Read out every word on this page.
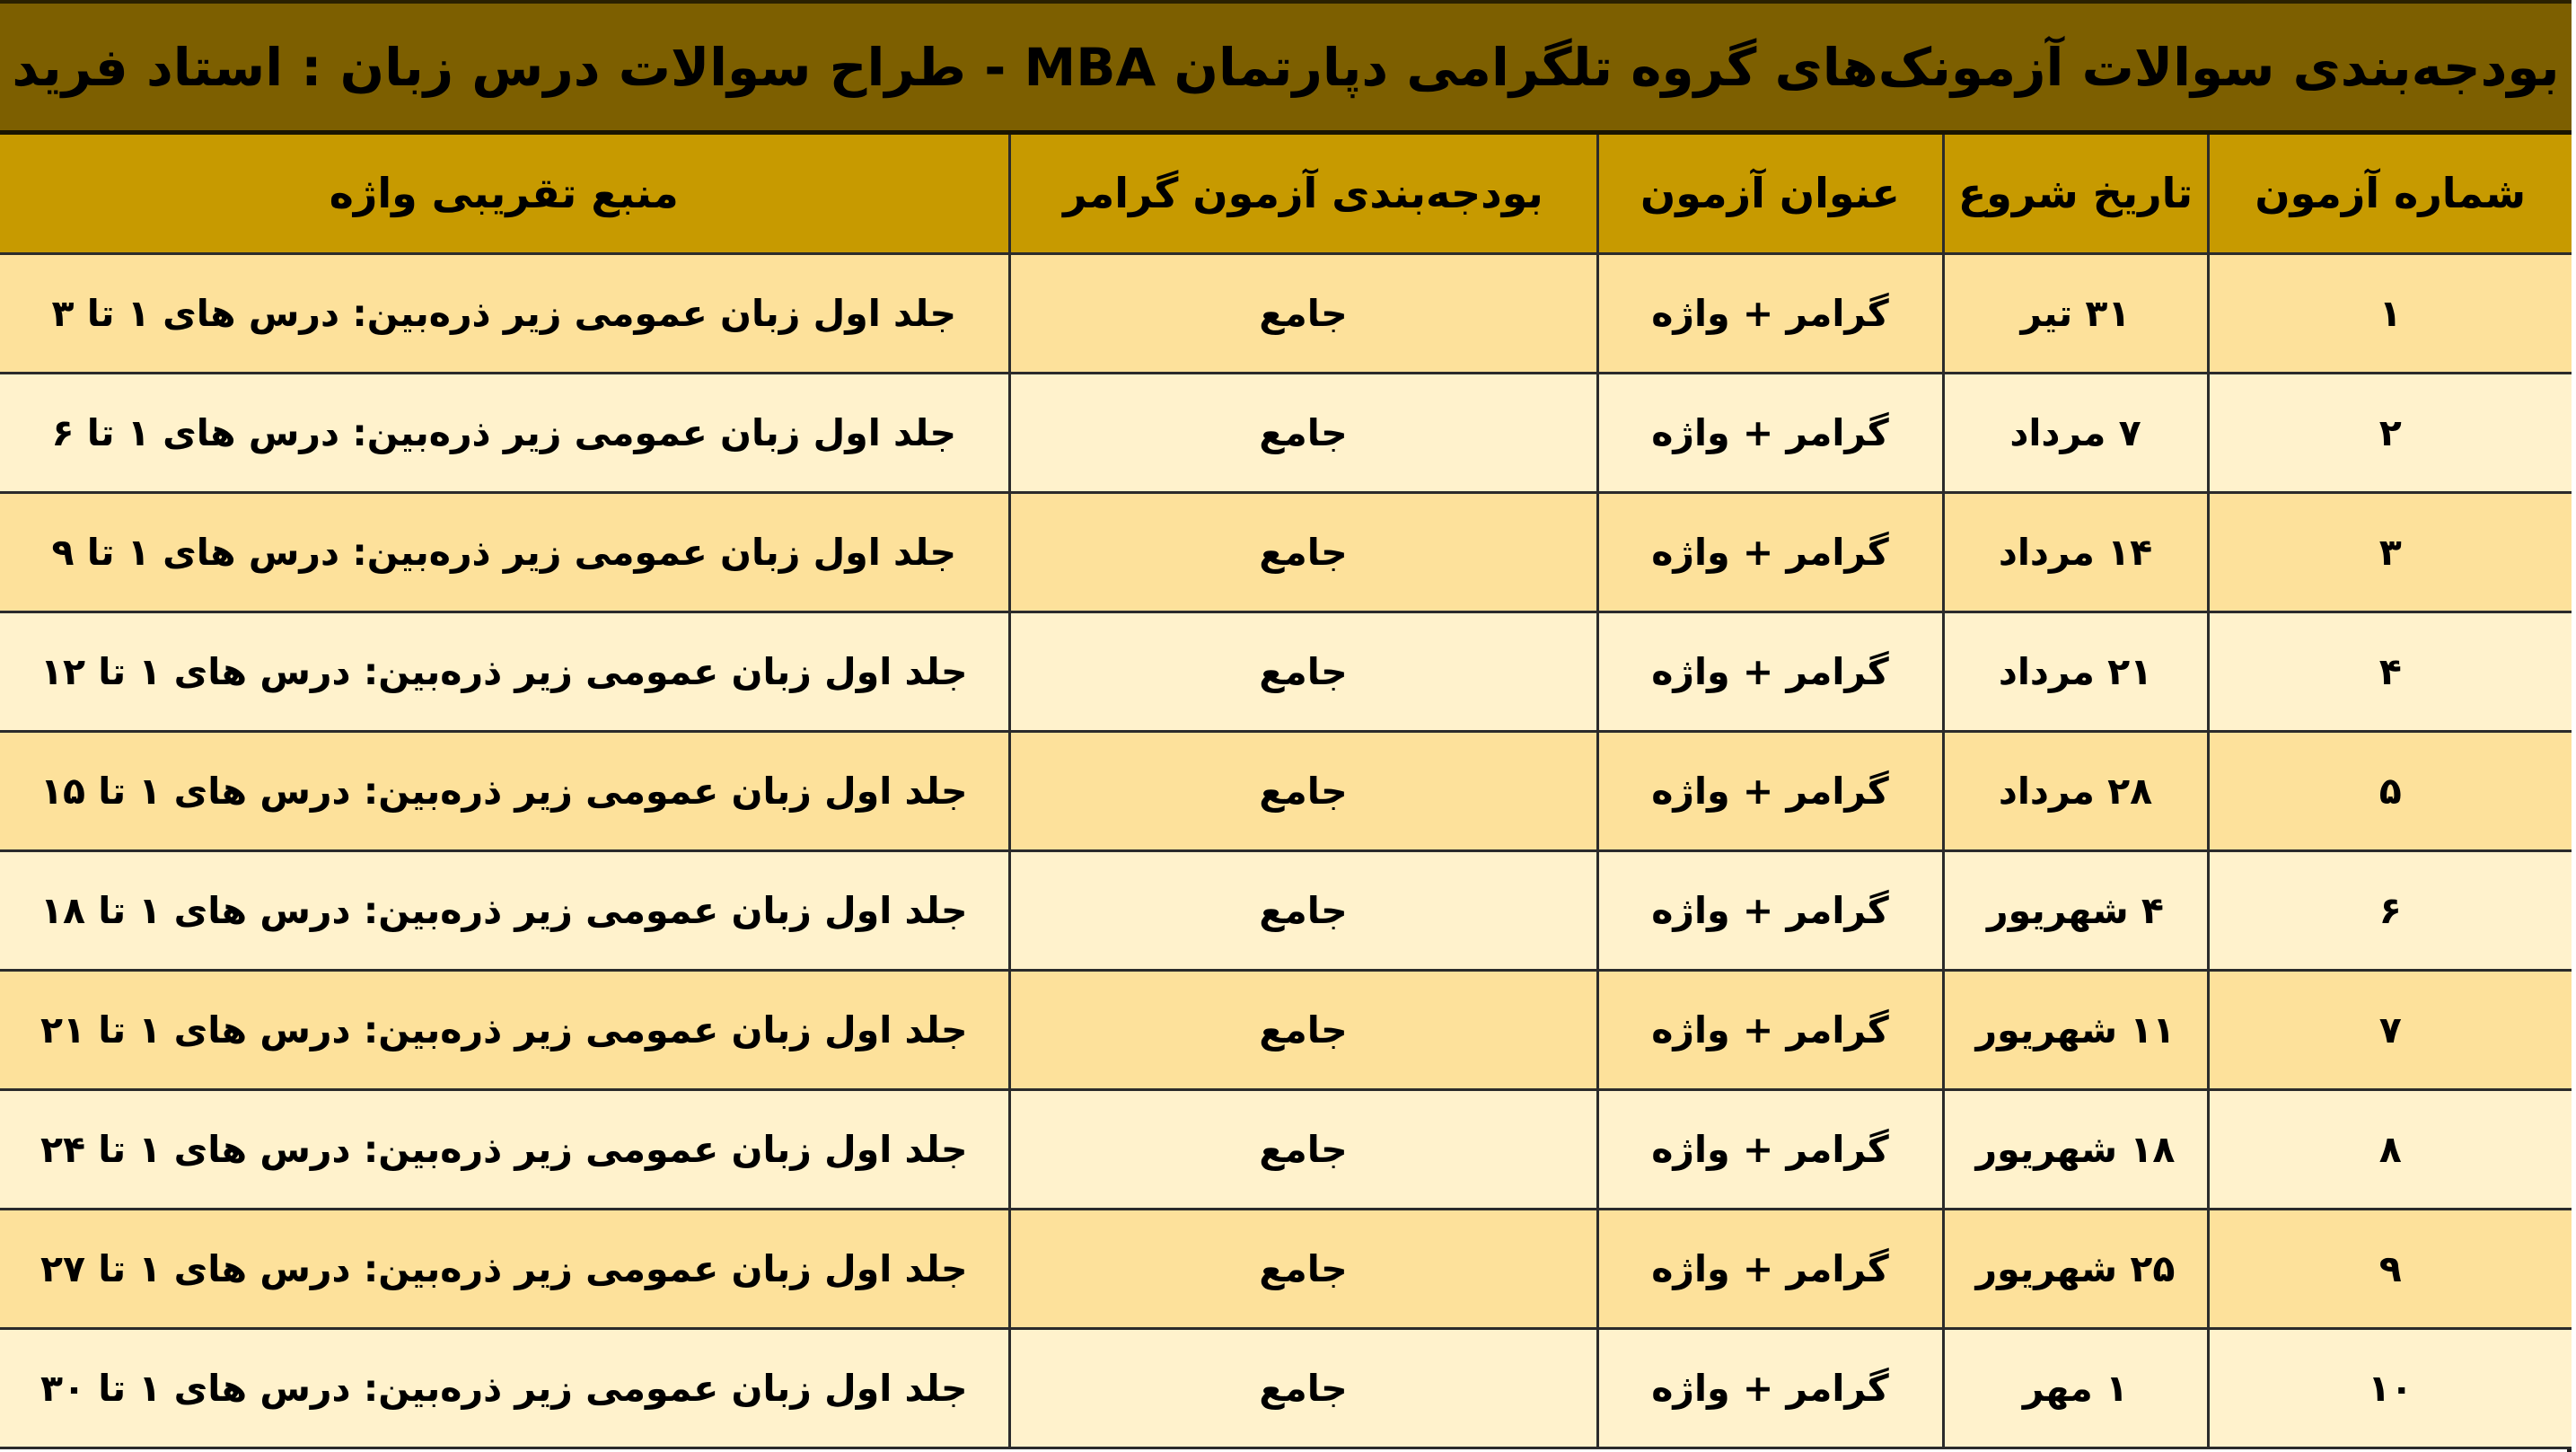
بودجه‌بندی سوالات آزمونک‌های گروه تلگرامی دپارتمان MBA - طراح سوالات درس زبان : استاد فرید
شماره آزمون	تاریخ شروع	عنوان آزمون	بودجه‌بندی آزمون گرامر	منبع تقریبی واژه
۱	۳۱ تیر	گرامر + واژه	جامع	جلد اول زبان عمومی زیر ذره‌بین: درس های ۱ تا ۳
۲	۷ مرداد	گرامر + واژه	جامع	جلد اول زبان عمومی زیر ذره‌بین: درس های ۱ تا ۶
۳	۱۴ مرداد	گرامر + واژه	جامع	جلد اول زبان عمومی زیر ذره‌بین: درس های ۱ تا ۹
۴	۲۱ مرداد	گرامر + واژه	جامع	جلد اول زبان عمومی زیر ذره‌بین: درس های ۱ تا ۱۲
۵	۲۸ مرداد	گرامر + واژه	جامع	جلد اول زبان عمومی زیر ذره‌بین: درس های ۱ تا ۱۵
۶	۴ شهریور	گرامر + واژه	جامع	جلد اول زبان عمومی زیر ذره‌بین: درس های ۱ تا ۱۸
۷	۱۱ شهریور	گرامر + واژه	جامع	جلد اول زبان عمومی زیر ذره‌بین: درس های ۱ تا ۲۱
۸	۱۸ شهریور	گرامر + واژه	جامع	جلد اول زبان عمومی زیر ذره‌بین: درس های ۱ تا ۲۴
۹	۲۵ شهریور	گرامر + واژه	جامع	جلد اول زبان عمومی زیر ذره‌بین: درس های ۱ تا ۲۷
۱۰	۱ مهر	گرامر + واژه	جامع	جلد اول زبان عمومی زیر ذره‌بین: درس های ۱ تا ۳۰
